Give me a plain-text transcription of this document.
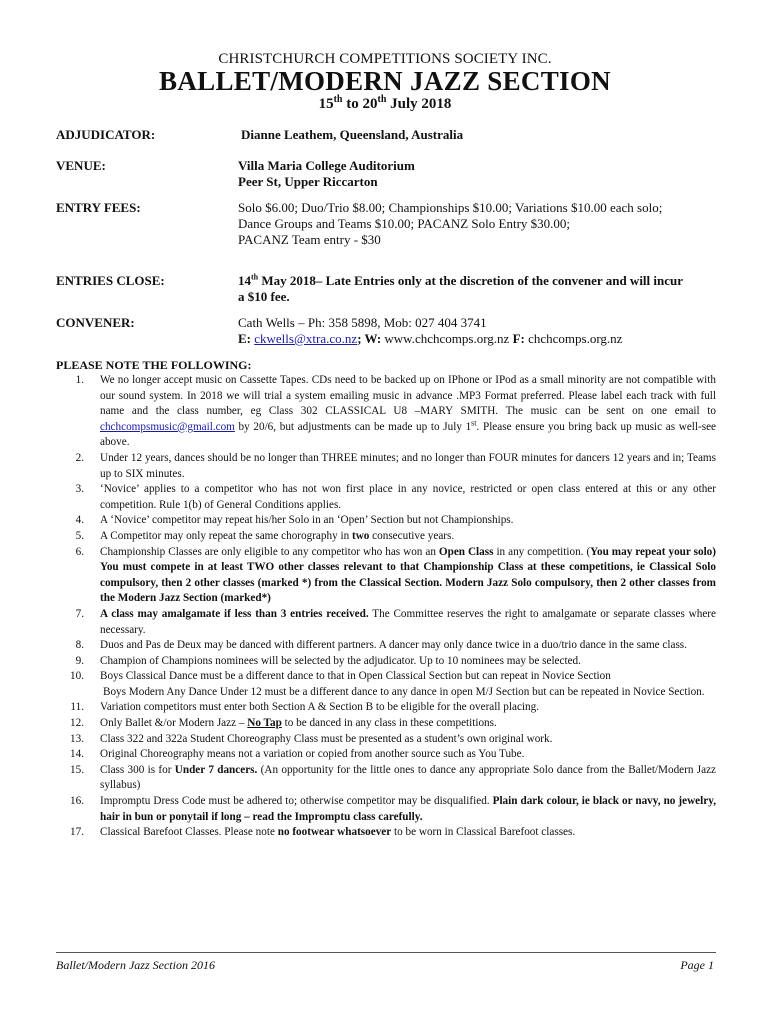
CHRISTCHURCH COMPETITIONS SOCIETY INC.
BALLET/MODERN JAZZ SECTION
15th to 20th July 2018
ADJUDICATOR:	Dianne Leathem, Queensland, Australia
VENUE:	Villa Maria College Auditorium
Peer St, Upper Riccarton
ENTRY FEES:	Solo $6.00; Duo/Trio $8.00; Championships $10.00; Variations $10.00 each solo;
Dance Groups and Teams $10.00; PACANZ Solo Entry $30.00;
PACANZ Team entry - $30
ENTRIES CLOSE:	14th May 2018– Late Entries only at the discretion of the convener and will incur
a $10 fee.
CONVENER:	Cath Wells – Ph: 358 5898, Mob: 027 404 3741
E: ckwells@xtra.co.nz; W: www.chchcomps.org.nz F: chchcomps.org.nz
PLEASE NOTE THE FOLLOWING:
1. We no longer accept music on Cassette Tapes. CDs need to be backed up on IPhone or IPod as a small minority are not compatible with our sound system. In 2018 we will trial a system emailing music in advance .MP3 Format preferred. Please label each track with full name and the class number, eg Class 302 CLASSICAL U8 –MARY SMITH. The music can be sent on one email to chchcompsmusic@gmail.com by 20/6, but adjustments can be made up to July 1st. Please ensure you bring back up music as well-see above.
2. Under 12 years, dances should be no longer than THREE minutes; and no longer than FOUR minutes for dancers 12 years and in; Teams up to SIX minutes.
3. ‘Novice’ applies to a competitor who has not won first place in any novice, restricted or open class entered at this or any other competition. Rule 1(b) of General Conditions applies.
4. A ‘Novice’ competitor may repeat his/her Solo in an ‘Open’ Section but not Championships.
5. A Competitor may only repeat the same chorography in two consecutive years.
6. Championship Classes are only eligible to any competitor who has won an Open Class in any competition. (You may repeat your solo) You must compete in at least TWO other classes relevant to that Championship Class at these competitions, ie Classical Solo compulsory, then 2 other classes (marked *) from the Classical Section. Modern Jazz Solo compulsory, then 2 other classes from the Modern Jazz Section (marked*)
7. A class may amalgamate if less than 3 entries received. The Committee reserves the right to amalgamate or separate classes where necessary.
8. Duos and Pas de Deux may be danced with different partners. A dancer may only dance twice in a duo/trio dance in the same class.
9. Champion of Champions nominees will be selected by the adjudicator. Up to 10 nominees may be selected.
10. Boys Classical Dance must be a different dance to that in Open Classical Section but can repeat in Novice Section
Boys Modern Any Dance Under 12 must be a different dance to any dance in open M/J Section but can be repeated in Novice Section.
11. Variation competitors must enter both Section A & Section B to be eligible for the overall placing.
12. Only Ballet &/or Modern Jazz – No Tap to be danced in any class in these competitions.
13. Class 322 and 322a Student Choreography Class must be presented as a student’s own original work.
14. Original Choreography means not a variation or copied from another source such as You Tube.
15. Class 300 is for Under 7 dancers. (An opportunity for the little ones to dance any appropriate Solo dance from the Ballet/Modern Jazz syllabus)
16. Impromptu Dress Code must be adhered to; otherwise competitor may be disqualified. Plain dark colour, ie black or navy, no jewelry, hair in bun or ponytail if long – read the Impromptu class carefully.
17. Classical Barefoot Classes. Please note no footwear whatsoever to be worn in Classical Barefoot classes.
Ballet/Modern Jazz Section 2016	Page 1
